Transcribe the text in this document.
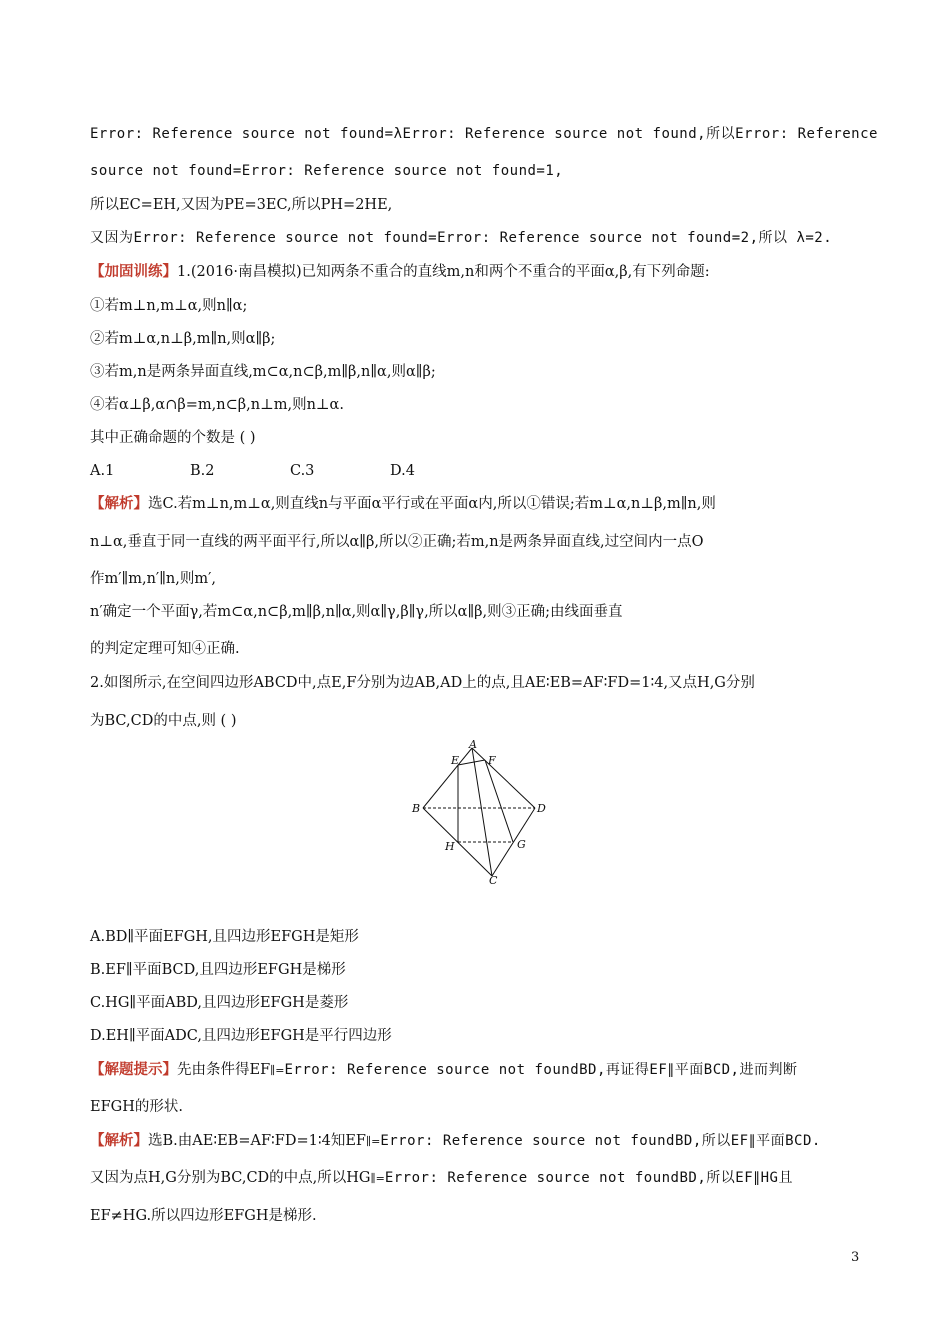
Error: Reference source not found=λError: Reference source not found,所以Error: Reference
source not found=Error: Reference source not found=1,
所以EC=EH,又因为PE=3EC,所以PH=2HE,
又因为Error: Reference source not found=Error: Reference source not found=2,所以 λ=2.
【加固训练】1.(2016·南昌模拟)已知两条不重合的直线m,n和两个不重合的平面α,β,有下列命题:
①若m⊥n,m⊥α,则n∥α;
②若m⊥α,n⊥β,m∥n,则α∥β;
③若m,n是两条异面直线,m⊂α,n⊂β,m∥β,n∥α,则α∥β;
④若α⊥β,α∩β=m,n⊂β,n⊥m,则n⊥α.
其中正确命题的个数是 ( )
A.1	B.2	C.3	D.4
【解析】选C.若m⊥n,m⊥α,则直线n与平面α平行或在平面α内,所以①错误;若m⊥α,n⊥β,m∥n,则
n⊥α,垂直于同一直线的两平面平行,所以α∥β,所以②正确;若m,n是两条异面直线,过空间内一点O
作m′∥m,n′∥n,则m′,
n′确定一个平面γ,若m⊂α,n⊂β,m∥β,n∥α,则α∥γ,β∥γ,所以α∥β,则③正确;由线面垂直
的判定定理可知④正确.
2.如图所示,在空间四边形ABCD中,点E,F分别为边AB,AD上的点,且AE∶EB=AF∶FD=1∶4,又点H,G分别
为BC,CD的中点,则 ( )
A
B
C
D
E	F
G
H
A.BD∥平面EFGH,且四边形EFGH是矩形
B.EF∥平面BCD,且四边形EFGH是梯形
C.HG∥平面ABD,且四边形EFGH是菱形
D.EH∥平面ADC,且四边形EFGH是平行四边形
【解题提示】先由条件得EF∥=Error: Reference source not foundBD,再证得EF∥平面BCD,进而判断
EFGH的形状.
【解析】选B.由AE∶EB=AF∶FD=1∶4知EF∥=Error: Reference source not foundBD,所以EF∥平面BCD.
又因为点H,G分别为BC,CD的中点,所以HG∥=Error: Reference source not foundBD,所以EF∥HG且
EF≠HG.所以四边形EFGH是梯形.
3
